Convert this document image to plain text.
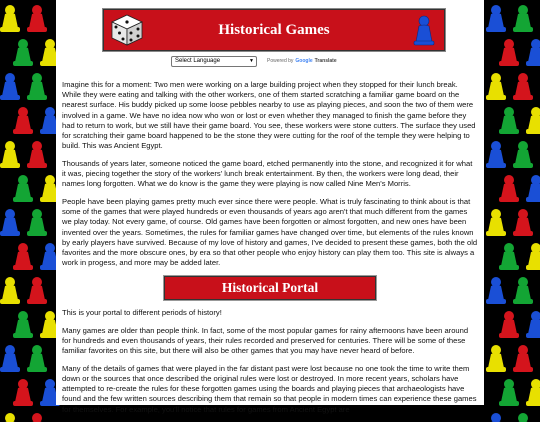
Historical Games
Select Language	▼	Powered by Google Translate

Imagine this for a moment: Two men were working on a large building project when they stopped for their lunch break. While they were eating and talking with the other workers, one of them started scratching a familiar game board on the nearest surface. His buddy picked up some loose pebbles nearby to use as playing pieces, and soon the two of them were involved in a game. We have no idea now who won or lost or even whether they managed to finish the game before they had to return to work, but we still have their game board. You see, these workers were stone cutters. The surface they used for scratching their game board happened to be the stone they were cutting for the roof of the temple they were helping to build. This was Ancient Egypt.

Thousands of years later, someone noticed the game board, etched permanently into the stone, and recognized it for what it was, piecing together the story of the workers' lunch break entertainment. By then, the workers were long dead, their names long forgotten. What we do know is the game they were playing is now called Nine Men's Morris.

People have been playing games pretty much ever since there were people. What is truly fascinating to think about is that some of the games that were played hundreds or even thousands of years ago aren't that much different from the games we play today. Not every game, of course. Old games have been forgotten or almost forgotten, and new ones have been invented over the years. Sometimes, the rules for familiar games have changed over time, but elements of the rules known by early players have survived. Because of my love of history and games, I've decided to present these games, both the old favorites and the more obscure ones, by era so that other people who enjoy history can play them too. This site is always a work in progess, and more may be added later.

Historical Portal

This is your portal to different periods of history!

Many games are older than people think. In fact, some of the most popular games for rainy afternoons have been around for hundreds and even thousands of years, their rules recorded and preserved for centuries. There will be some of these familiar favorites on this site, but there will also be other games that you may have never heard of before.

Many of the details of games that were played in the far distant past were lost because no one took the time to write them down or the sources that once described the original rules were lost or destroyed. In more recent years, scholars have attempted to re-create the rules for these forgotten games using the boards and playing pieces that archaeologists have found and the few written sources describing them that remain so that people in modern times can experience these games for themselves. For example, you'll notice that rules for games from Ancient Egypt are
